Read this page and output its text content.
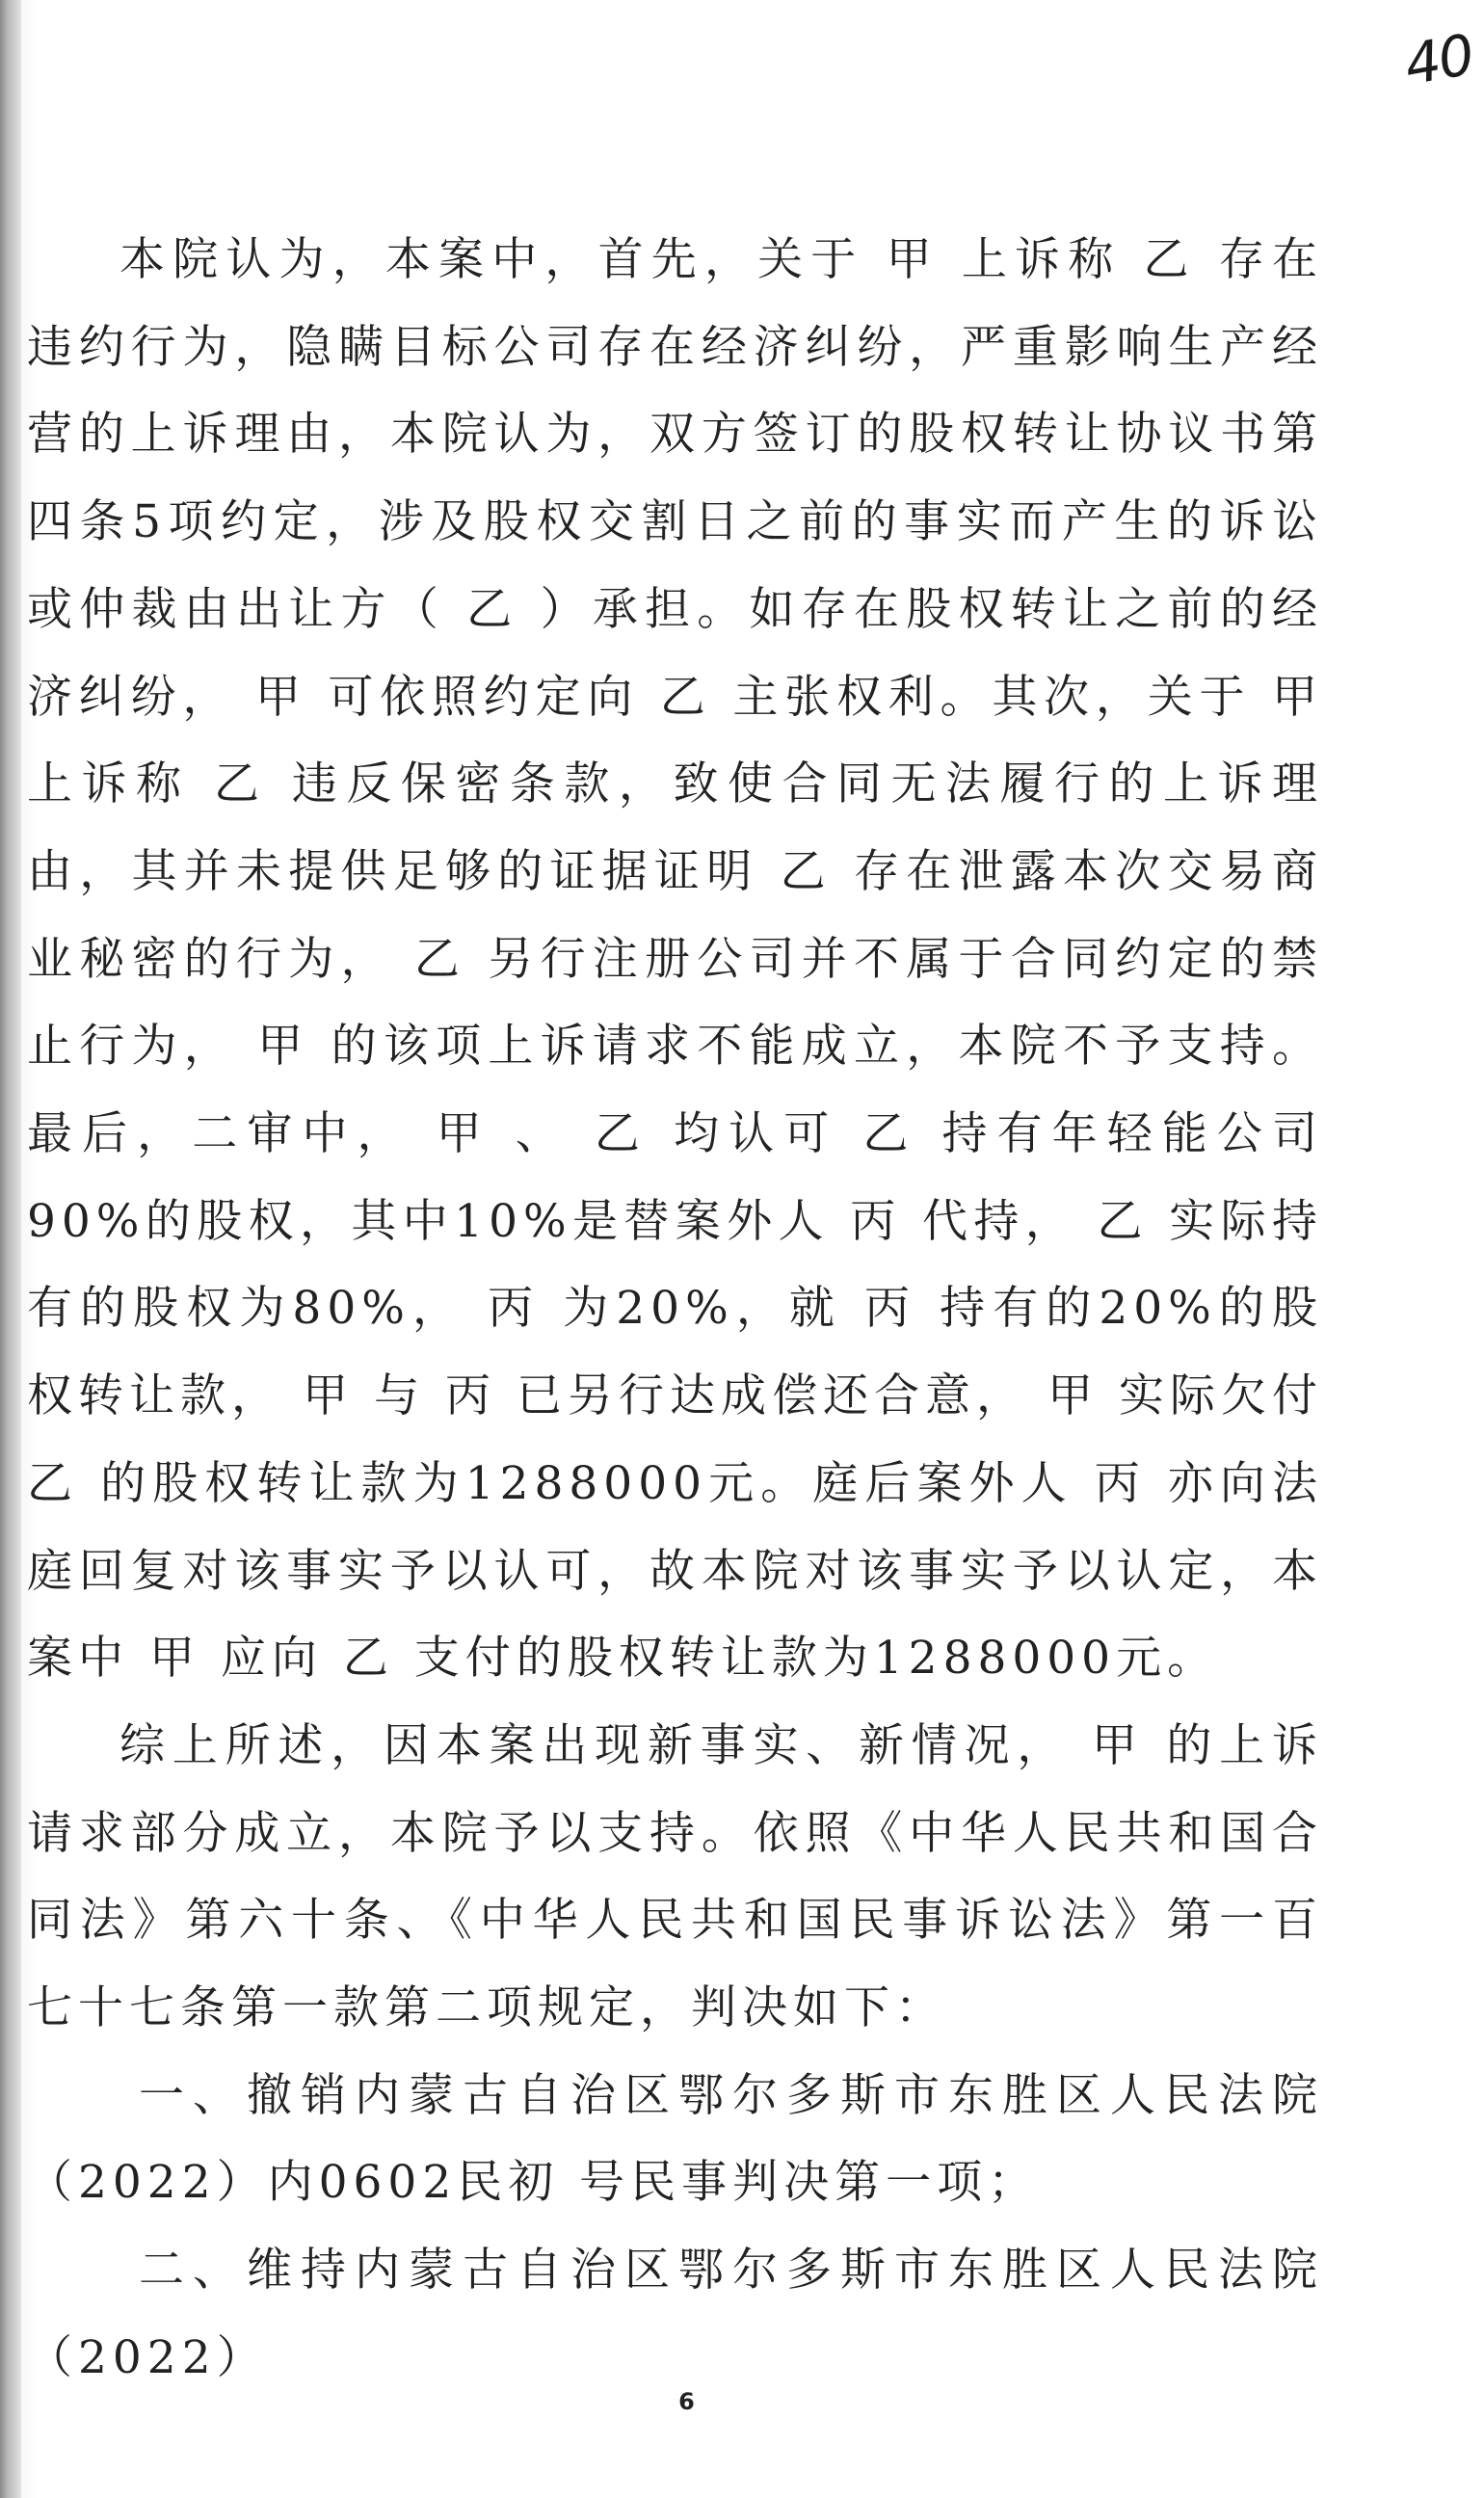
40

本院认为，本案中，首先，关于 甲 上诉称 乙 存在违约行为，隐瞒目标公司存在经济纠纷，严重影响生产经营的上诉理由，本院认为，双方签订的股权转让协议书第四条5项约定，涉及股权交割日之前的事实而产生的诉讼或仲裁由出让方（ 乙 ）承担。如存在股权转让之前的经济纠纷， 甲 可依照约定向 乙 主张权利。其次，关于 甲 上诉称 乙 违反保密条款，致使合同无法履行的上诉理由，其并未提供足够的证据证明 乙 存在泄露本次交易商业秘密的行为， 乙 另行注册公司并不属于合同约定的禁止行为， 甲 的该项上诉请求不能成立，本院不予支持。最后，二审中， 甲 、 乙 均认可 乙 持有年轻能公司90%的股权，其中10%是替案外人 丙 代持， 乙 实际持有的股权为80%， 丙 为20%，就 丙 持有的20%的股权转让款， 甲 与 丙 已另行达成偿还合意， 甲 实际欠付 乙 的股权转让款为1288000元。庭后案外人 丙 亦向法庭回复对该事实予以认可，故本院对该事实予以认定，本案中 甲 应向 乙 支付的股权转让款为1288000元。

综上所述，因本案出现新事实、新情况， 甲 的上诉请求部分成立，本院予以支持。依照《中华人民共和国合同法》第六十条、《中华人民共和国民事诉讼法》第一百七十七条第一款第二项规定，判决如下：

一、撤销内蒙古自治区鄂尔多斯市东胜区人民法院（2022）内0602民初 号民事判决第一项；

二、维持内蒙古自治区鄂尔多斯市东胜区人民法院（2022）

6
